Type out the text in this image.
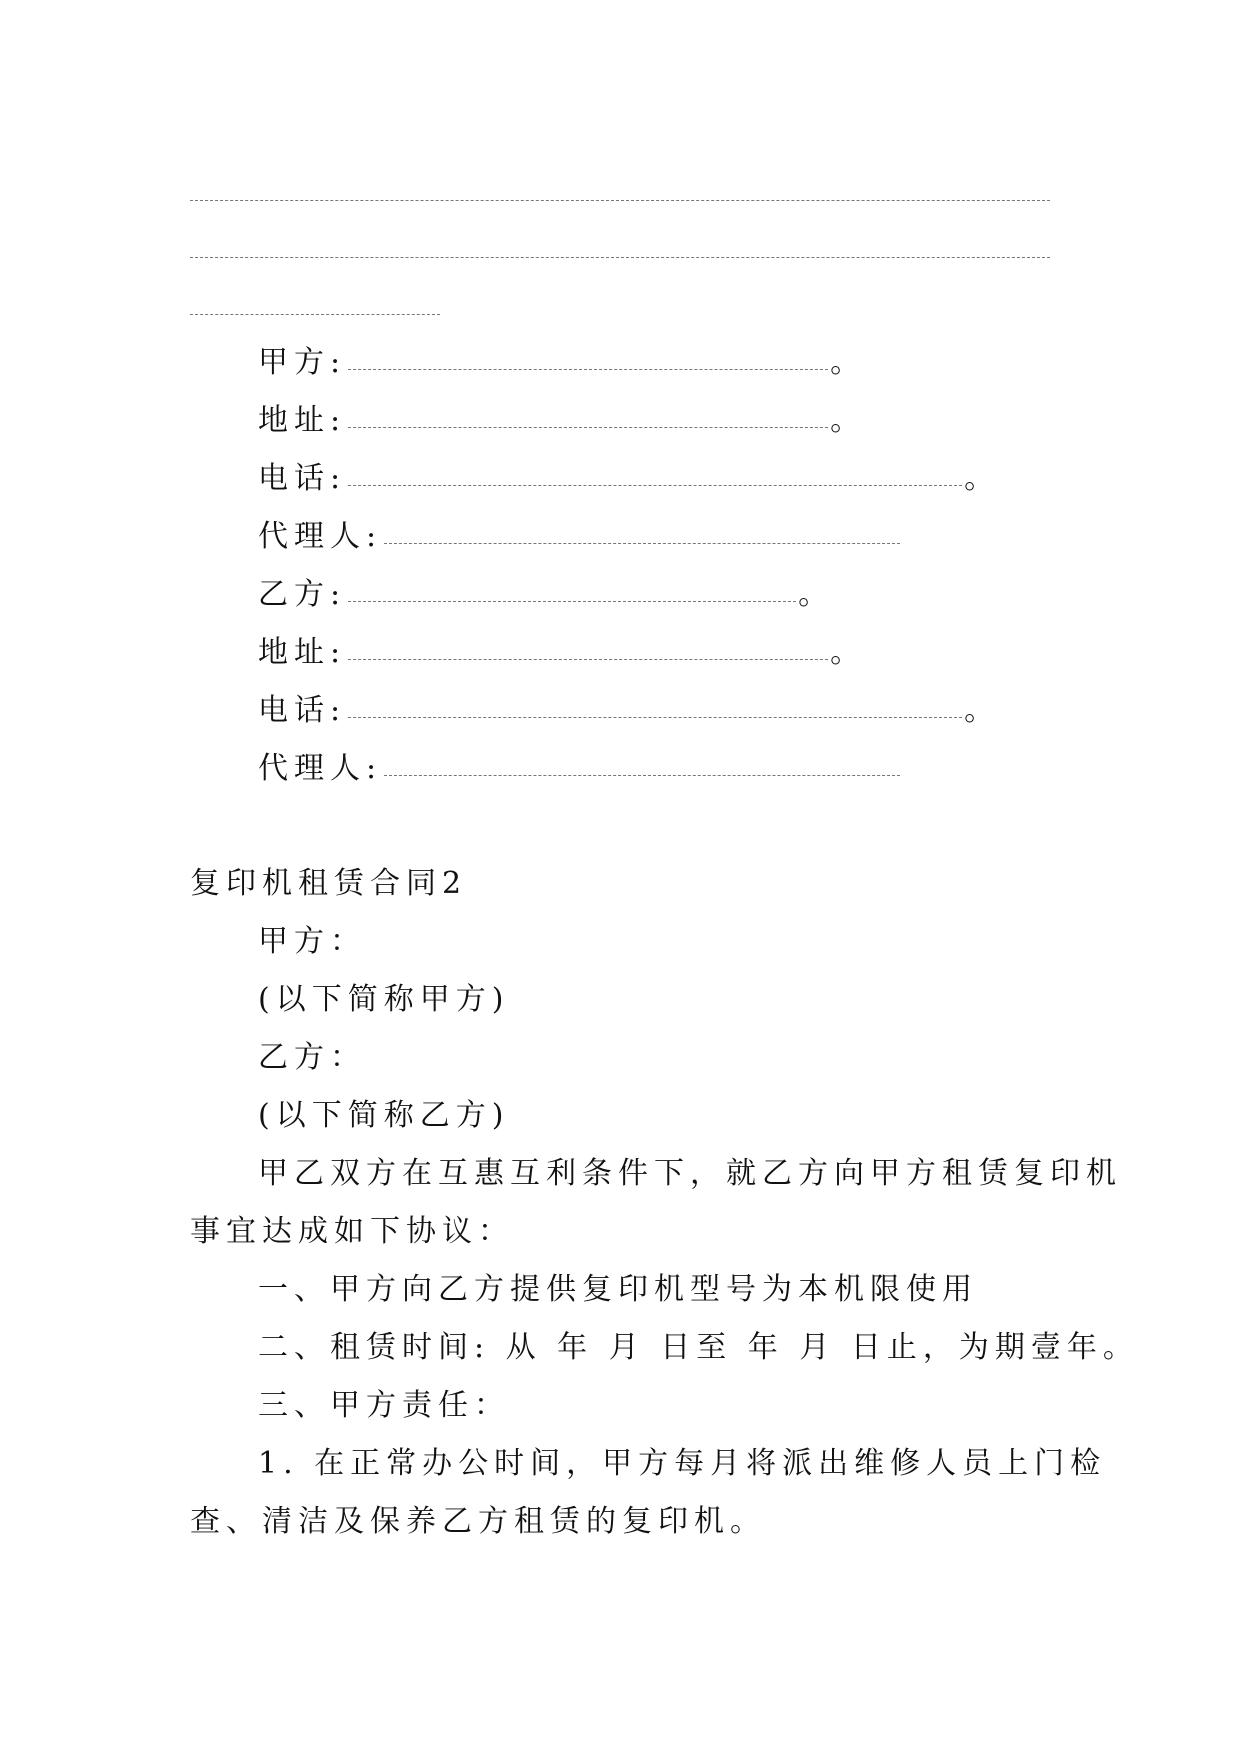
甲方:	。
地址:	。
电话:	。
代理人:
乙方:	。
地址:	。
电话:	。
代理人:
复印机租赁合同2
甲方：
(以下简称甲方)
乙方：
(以下简称乙方)
甲乙双方在互惠互利条件下，就乙方向甲方租赁复印机
事宜达成如下协议：
一、甲方向乙方提供复印机型号为本机限使用
二、租赁时间: 从 年 月 日至 年 月 日止，为期壹年。
三、甲方责任：
1. 在正常办公时间，甲方每月将派出维修人员上门检
查、清洁及保养乙方租赁的复印机。
